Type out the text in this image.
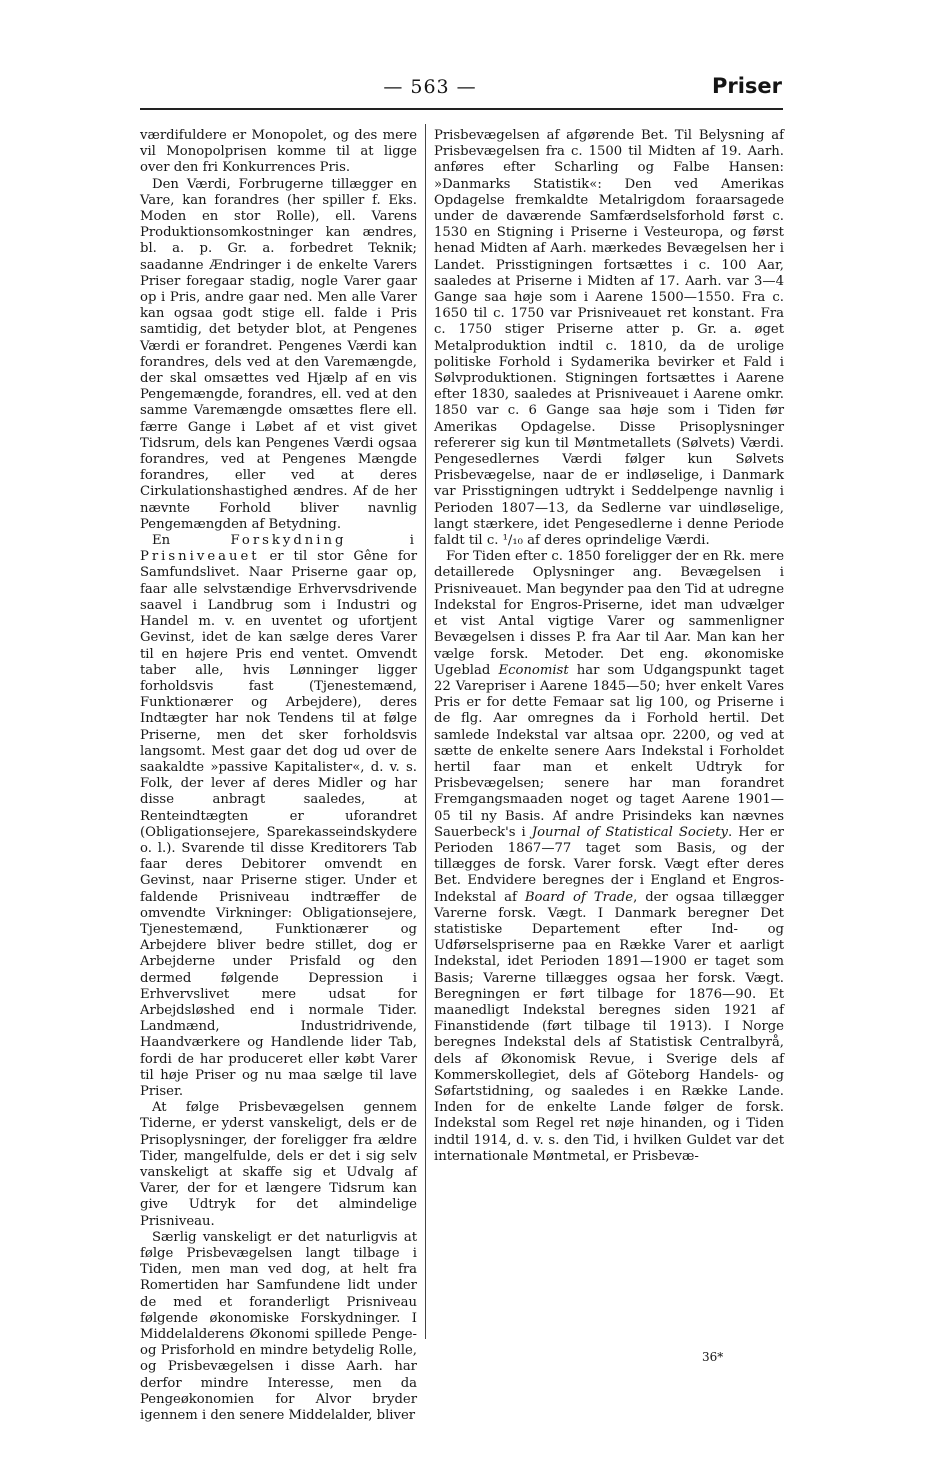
— 563 —	Priser

værdifuldere er Monopolet, og des mere vil Monopolprisen komme til at ligge over den fri Konkurrences Pris.

Den Værdi, Forbrugerne tillægger en Vare, kan forandres (her spiller f. Eks. Moden en stor Rolle), ell. Varens Produktionsomkostninger kan ændres, bl. a. p. Gr. a. forbedret Teknik; saadanne Ændringer i de enkelte Varers Priser foregaar stadig, nogle Varer gaar op i Pris, andre gaar ned. Men alle Varer kan ogsaa godt stige ell. falde i Pris samtidig, det betyder blot, at Pengenes Værdi er forandret. Pengenes Værdi kan forandres, dels ved at den Varemængde, der skal omsættes ved Hjælp af en vis Pengemængde, forandres, ell. ved at den samme Varemængde omsættes flere ell. færre Gange i Løbet af et vist givet Tidsrum, dels kan Pengenes Værdi ogsaa forandres, ved at Pengenes Mængde forandres, eller ved at deres Cirkulationshastighed ændres. Af de her nævnte Forhold bliver navnlig Pengemængden af Betydning.

En Forskydning i Prisniveauet er til stor Gêne for Samfundslivet. Naar Priserne gaar op, faar alle selvstændige Erhvervsdrivende saavel i Landbrug som i Industri og Handel m. v. en uventet og ufortjent Gevinst, idet de kan sælge deres Varer til en højere Pris end ventet. Omvendt taber alle, hvis Lønninger ligger forholdsvis fast (Tjenestemænd, Funktionærer og Arbejdere), deres Indtægter har nok Tendens til at følge Priserne, men det sker forholdsvis langsomt. Mest gaar det dog ud over de saakaldte »passive Kapitalister«, d. v. s. Folk, der lever af deres Midler og har disse anbragt saaledes, at Renteindtægten er uforandret (Obligationsejere, Sparekasseindskydere o. l.). Svarende til disse Kreditorers Tab faar deres Debitorer omvendt en Gevinst, naar Priserne stiger. Under et faldende Prisniveau indtræffer de omvendte Virkninger: Obligationsejere, Tjenestemænd, Funktionærer og Arbejdere bliver bedre stillet, dog er Arbejderne under Prisfald og den dermed følgende Depression i Erhvervslivet mere udsat for Arbejdsløshed end i normale Tider. Landmænd, Industridrivende, Haandværkere og Handlende lider Tab, fordi de har produceret eller købt Varer til høje Priser og nu maa sælge til lave Priser.

At følge Prisbevægelsen gennem Tiderne, er yderst vanskeligt, dels er de Prisoplysninger, der foreligger fra ældre Tider, mangelfulde, dels er det i sig selv vanskeligt at skaffe sig et Udvalg af Varer, der for et længere Tidsrum kan give Udtryk for det almindelige Prisniveau.

Særlig vanskeligt er det naturligvis at følge Prisbevægelsen langt tilbage i Tiden, men man ved dog, at helt fra Romertiden har Samfundene lidt under de med et foranderligt Prisniveau følgende økonomiske Forskydninger. I Middelalderens Økonomi spillede Penge- og Prisforhold en mindre betydelig Rolle, og Prisbevægelsen i disse Aarh. har derfor mindre Interesse, men da Pengeøkonomien for Alvor bryder igennem i den senere Middelalder, bliver

Prisbevægelsen af afgørende Bet. Til Belysning af Prisbevægelsen fra c. 1500 til Midten af 19. Aarh. anføres efter Scharling og Falbe Hansen: »Danmarks Statistik«: Den ved Amerikas Opdagelse fremkaldte Metalrigdom foraarsagede under de daværende Samfærdselsforhold først c. 1530 en Stigning i Priserne i Vesteuropa, og først henad Midten af Aarh. mærkedes Bevægelsen her i Landet. Prisstigningen fortsættes i c. 100 Aar, saaledes at Priserne i Midten af 17. Aarh. var 3—4 Gange saa høje som i Aarene 1500—1550. Fra c. 1650 til c. 1750 var Prisniveauet ret konstant. Fra c. 1750 stiger Priserne atter p. Gr. a. øget Metalproduktion indtil c. 1810, da de urolige politiske Forhold i Sydamerika bevirker et Fald i Sølvproduktionen. Stigningen fortsættes i Aarene efter 1830, saaledes at Prisniveauet i Aarene omkr. 1850 var c. 6 Gange saa høje som i Tiden før Amerikas Opdagelse. Disse Prisoplysninger refererer sig kun til Møntmetallets (Sølvets) Værdi. Pengesedlernes Værdi følger kun Sølvets Prisbevægelse, naar de er indløselige, i Danmark var Prisstigningen udtrykt i Seddelpenge navnlig i Perioden 1807—13, da Sedlerne var uindløselige, langt stærkere, idet Pengesedlerne i denne Periode faldt til c. ¹/₁₀ af deres oprindelige Værdi.

For Tiden efter c. 1850 foreligger der en Rk. mere detaillerede Oplysninger ang. Bevægelsen i Prisniveauet. Man begynder paa den Tid at udregne Indekstal for Engros-Priserne, idet man udvælger et vist Antal vigtige Varer og sammenligner Bevægelsen i disses P. fra Aar til Aar. Man kan her vælge forsk. Metoder. Det eng. økonomiske Ugeblad Economist har som Udgangspunkt taget 22 Varepriser i Aarene 1845—50; hver enkelt Vares Pris er for dette Femaar sat lig 100, og Priserne i de flg. Aar omregnes da i Forhold hertil. Det samlede Indekstal var altsaa opr. 2200, og ved at sætte de enkelte senere Aars Indekstal i Forholdet hertil faar man et enkelt Udtryk for Prisbevægelsen; senere har man forandret Fremgangsmaaden noget og taget Aarene 1901—05 til ny Basis. Af andre Prisindeks kan nævnes Sauerbeck's i Journal of Statistical Society. Her er Perioden 1867—77 taget som Basis, og der tillægges de forsk. Varer forsk. Vægt efter deres Bet. Endvidere beregnes der i England et Engros-Indekstal af Board of Trade, der ogsaa tillægger Varerne forsk. Vægt. I Danmark beregner Det statistiske Departement efter Ind- og Udførselspriserne paa en Række Varer et aarligt Indekstal, idet Perioden 1891—1900 er taget som Basis; Varerne tillægges ogsaa her forsk. Vægt. Beregningen er ført tilbage for 1876—90. Et maanedligt Indekstal beregnes siden 1921 af Finanstidende (ført tilbage til 1913). I Norge beregnes Indekstal dels af Statistisk Centralbyrå, dels af Økonomisk Revue, i Sverige dels af Kommerskollegiet, dels af Göteborg Handels- og Søfartstidning, og saaledes i en Række Lande. Inden for de enkelte Lande følger de forsk. Indekstal som Regel ret nøje hinanden, og i Tiden indtil 1914, d. v. s. den Tid, i hvilken Guldet var det internationale Møntmetal, er Prisbevæ-

36*
